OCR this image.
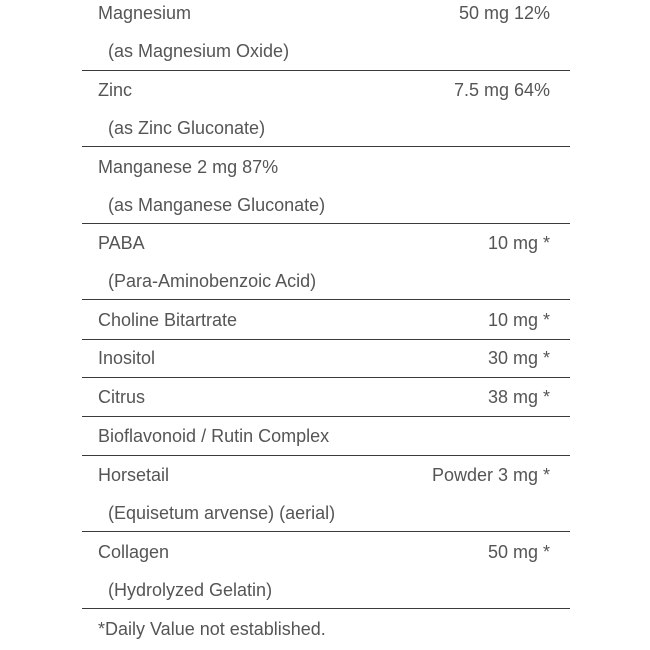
Magnesium	50 mg 12%
(as Magnesium Oxide)
Zinc	7.5 mg 64%
(as Zinc Gluconate)
Manganese 2 mg 87%
(as Manganese Gluconate)
PABA	10 mg *
(Para-Aminobenzoic Acid)
Choline Bitartrate	10 mg *
Inositol	30 mg *
Citrus	38 mg *
Bioflavonoid / Rutin Complex
Horsetail	Powder 3 mg *
(Equisetum arvense) (aerial)
Collagen	50 mg *
(Hydrolyzed Gelatin)
*Daily Value not established.
